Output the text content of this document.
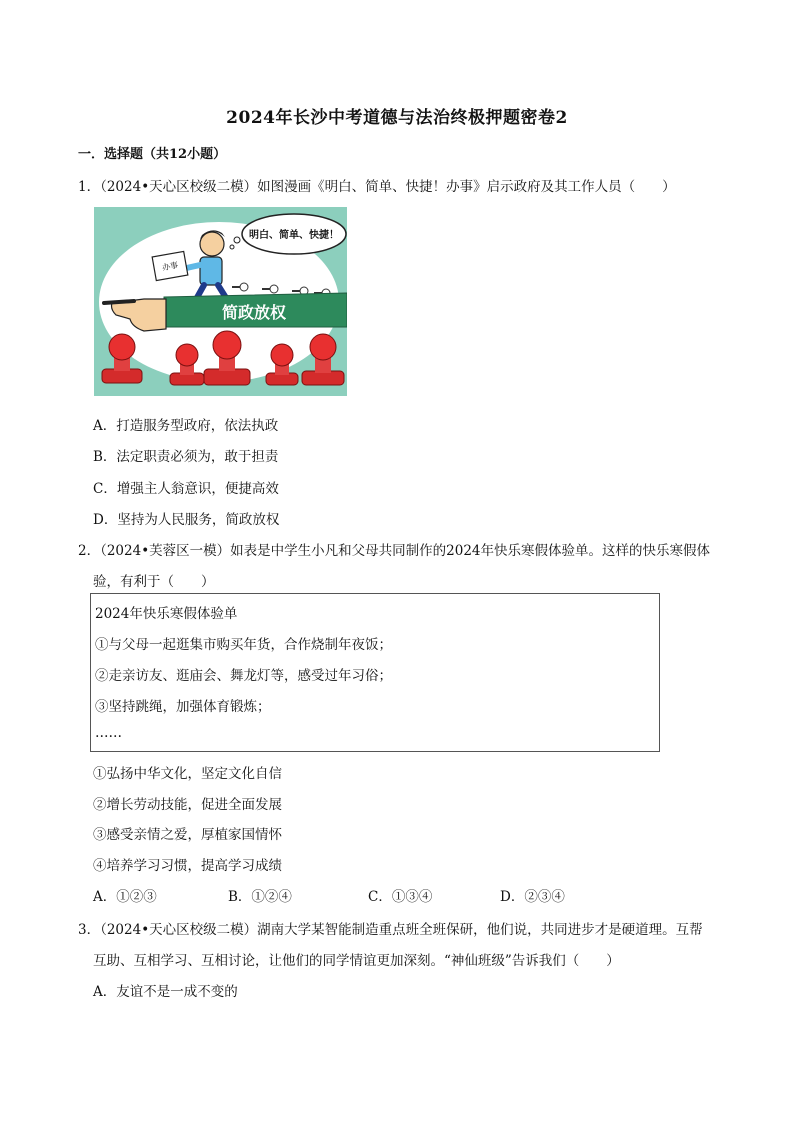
2024年长沙中考道德与法治终极押题密卷2
一．选择题（共12小题）
1．（2024•天心区校级二模）如图漫画《明白、简单、快捷！办事》启示政府及其工作人员（　　）
明白、简单、快捷！
办事
简政放权
A．打造服务型政府，依法执政
B．法定职责必须为，敢于担责
C．增强主人翁意识，便捷高效
D．坚持为人民服务，简政放权
2．（2024•芙蓉区一模）如表是中学生小凡和父母共同制作的2024年快乐寒假体验单。这样的快乐寒假体
验，有利于（　　）
2024年快乐寒假体验单
①与父母一起逛集市购买年货，合作烧制年夜饭；
②走亲访友、逛庙会、舞龙灯等，感受过年习俗；
③坚持跳绳，加强体育锻炼；
……
①弘扬中华文化，坚定文化自信
②增长劳动技能，促进全面发展
③感受亲情之爱，厚植家国情怀
④培养学习习惯，提高学习成绩
A．①②③	B．①②④	C．①③④	D．②③④
3．（2024•天心区校级二模）湖南大学某智能制造重点班全班保研，他们说，共同进步才是硬道理。互帮
互助、互相学习、互相讨论，让他们的同学情谊更加深刻。“神仙班级”告诉我们（　　）
A．友谊不是一成不变的
